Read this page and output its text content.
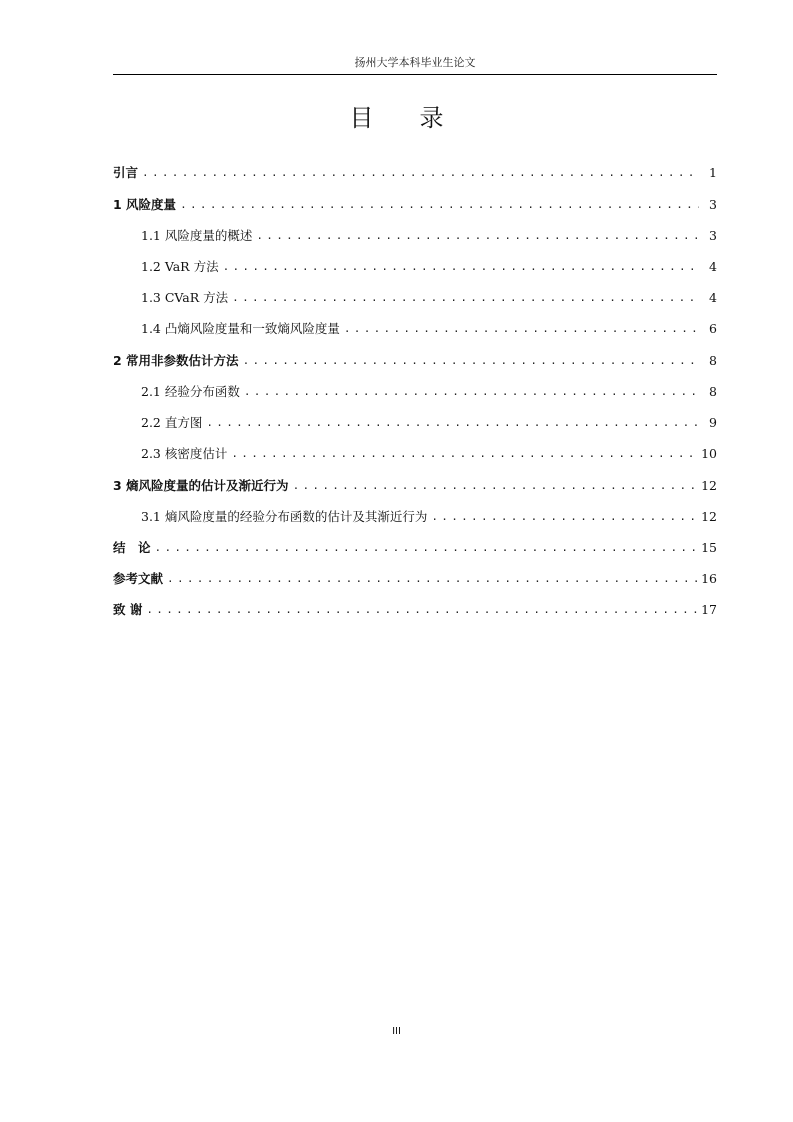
扬州大学本科毕业生论文
目 录
引言 .....	1
1 风险度量 .....	3
1.1 风险度量的概述 .....	3
1.2 VaR 方法 .....	4
1.3 CVaR 方法 .....	4
1.4 凸熵风险度量和一致熵风险度量 .....	6
2 常用非参数估计方法 .....	8
2.1 经验分布函数 .....	8
2.2 直方图 .....	9
2.3 核密度估计 .....	10
3 熵风险度量的估计及渐近行为 .....	12
3.1 熵风险度量的经验分布函数的估计及其渐近行为 .....	12
结　论 .....	15
参考文献 .....	16
致 谢 .....	17
III
